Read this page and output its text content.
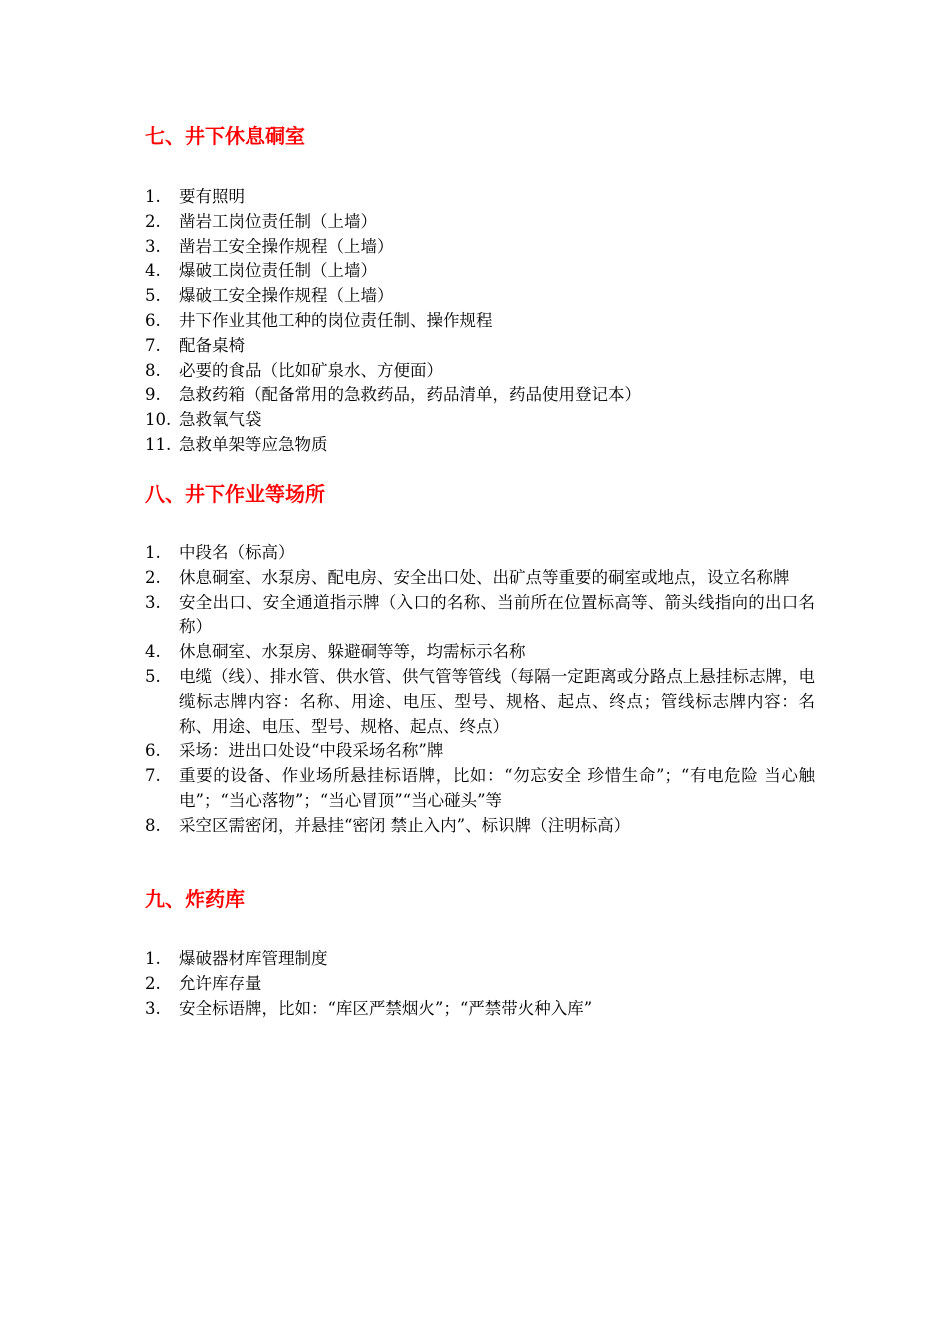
七、井下休息硐室
1.	要有照明
2.	凿岩工岗位责任制（上墙）
3.	凿岩工安全操作规程（上墙）
4.	爆破工岗位责任制（上墙）
5.	爆破工安全操作规程（上墙）
6.	井下作业其他工种的岗位责任制、操作规程
7.	配备桌椅
8.	必要的食品（比如矿泉水、方便面）
9.	急救药箱（配备常用的急救药品，药品清单，药品使用登记本）
10. 急救氧气袋
11. 急救单架等应急物质
八、井下作业等场所
1.	中段名（标高）
2.	休息硐室、水泵房、配电房、安全出口处、出矿点等重要的硐室或地点，设立名称牌
3.	安全出口、安全通道指示牌（入口的名称、当前所在位置标高等、箭头线指向的出口名称）
4.	休息硐室、水泵房、躲避硐等等，均需标示名称
5.	电缆（线）、排水管、供水管、供气管等管线（每隔一定距离或分路点上悬挂标志牌，电缆标志牌内容：名称、用途、电压、型号、规格、起点、终点；管线标志牌内容：名称、用途、电压、型号、规格、起点、终点）
6.	采场：进出口处设“中段采场名称”牌
7.	重要的设备、作业场所悬挂标语牌，比如：“勿忘安全 珍惜生命”；“有电危险 当心触电”；“当心落物”；“当心冒顶”“当心碰头”等
8.	采空区需密闭，并悬挂“密闭 禁止入内”、标识牌（注明标高）
九、炸药库
1.	爆破器材库管理制度
2.	允许库存量
3.	安全标语牌，比如：“库区严禁烟火”；“严禁带火种入库”
